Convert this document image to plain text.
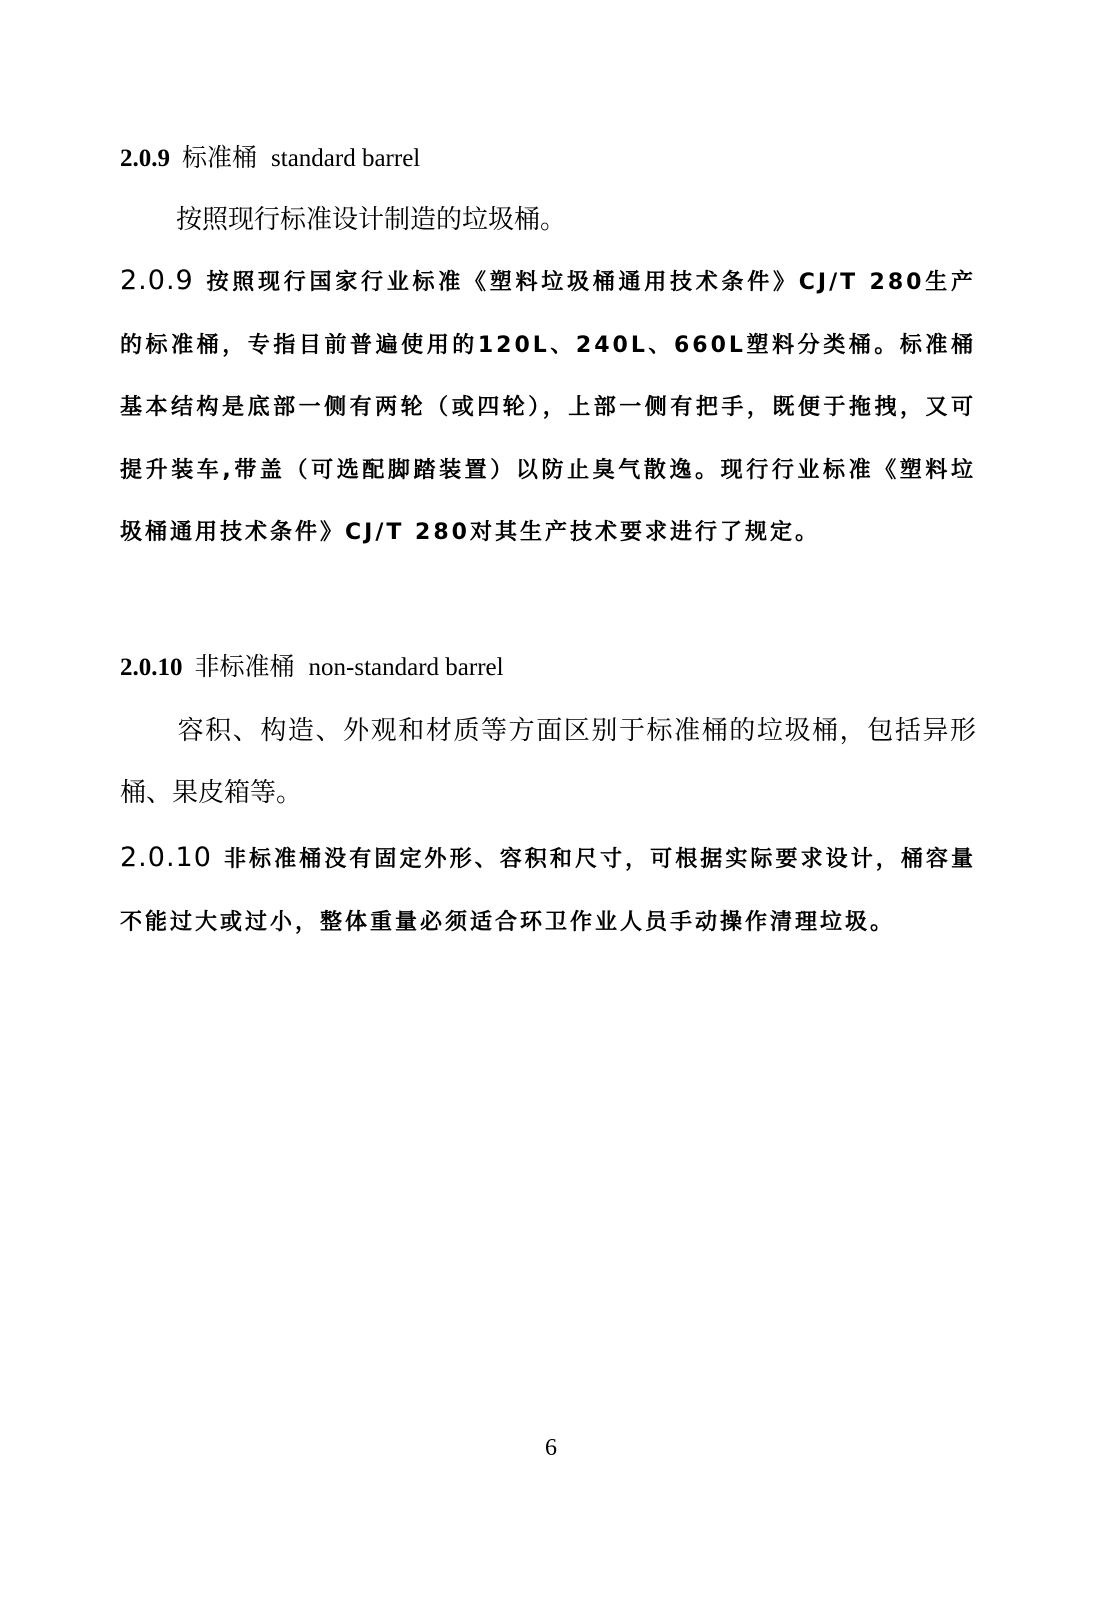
2.0.9 标准桶 standard barrel
按照现行标准设计制造的垃圾桶。
2.0.9 按照现行国家行业标准《塑料垃圾桶通用技术条件》CJ/T 280生产的标准桶，专指目前普遍使用的120L、240L、660L塑料分类桶。标准桶基本结构是底部一侧有两轮（或四轮），上部一侧有把手，既便于拖拽，又可提升装车,带盖（可选配脚踏装置）以防止臭气散逸。现行行业标准《塑料垃圾桶通用技术条件》CJ/T 280对其生产技术要求进行了规定。
2.0.10 非标准桶 non-standard barrel
容积、构造、外观和材质等方面区别于标准桶的垃圾桶，包括异形桶、果皮箱等。
2.0.10 非标准桶没有固定外形、容积和尺寸，可根据实际要求设计，桶容量不能过大或过小，整体重量必须适合环卫作业人员手动操作清理垃圾。
6
